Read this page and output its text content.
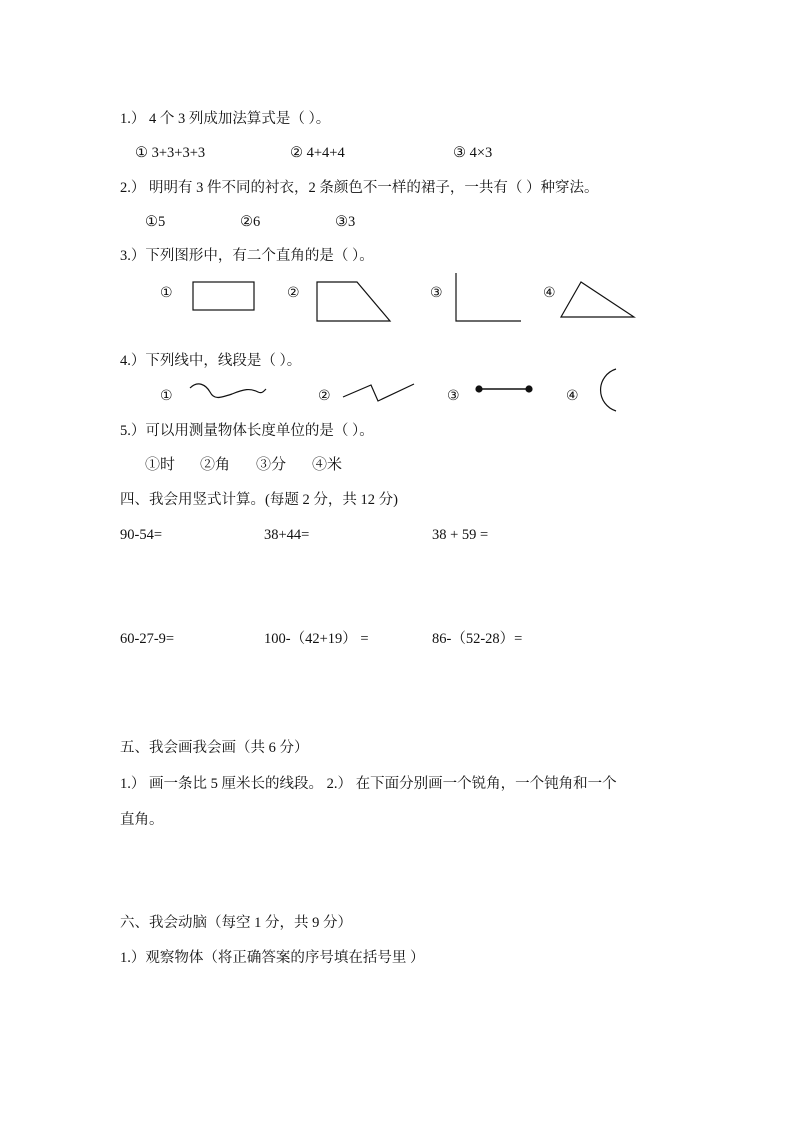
1.） 4 个 3 列成加法算式是（ ）。
① 3+3+3+3	② 4+4+4	③ 4×3
2.） 明明有 3 件不同的衬衣，2 条颜色不一样的裙子，一共有（ ）种穿法。
①5	②6	③3
3.）下列图形中，有二个直角的是（ ）。
①	②	③	④
4.）下列线中，线段是（ ）。
①	②	③	④
5.）可以用测量物体长度单位的是（ ）。
①时 ②角 ③分 ④米
四、我会用竖式计算。(每题 2 分，共 12 分)
90-54=	38+44=	38 + 59 =
60-27-9=	100-（42+19） =	86-（52-28）=
五、我会画我会画（共 6 分）
1.） 画一条比 5 厘米长的线段。 2.） 在下面分别画一个锐角，一个钝角和一个
直角。
六、我会动脑（每空 1 分，共 9 分）
1.）观察物体（将正确答案的序号填在括号里 ）
